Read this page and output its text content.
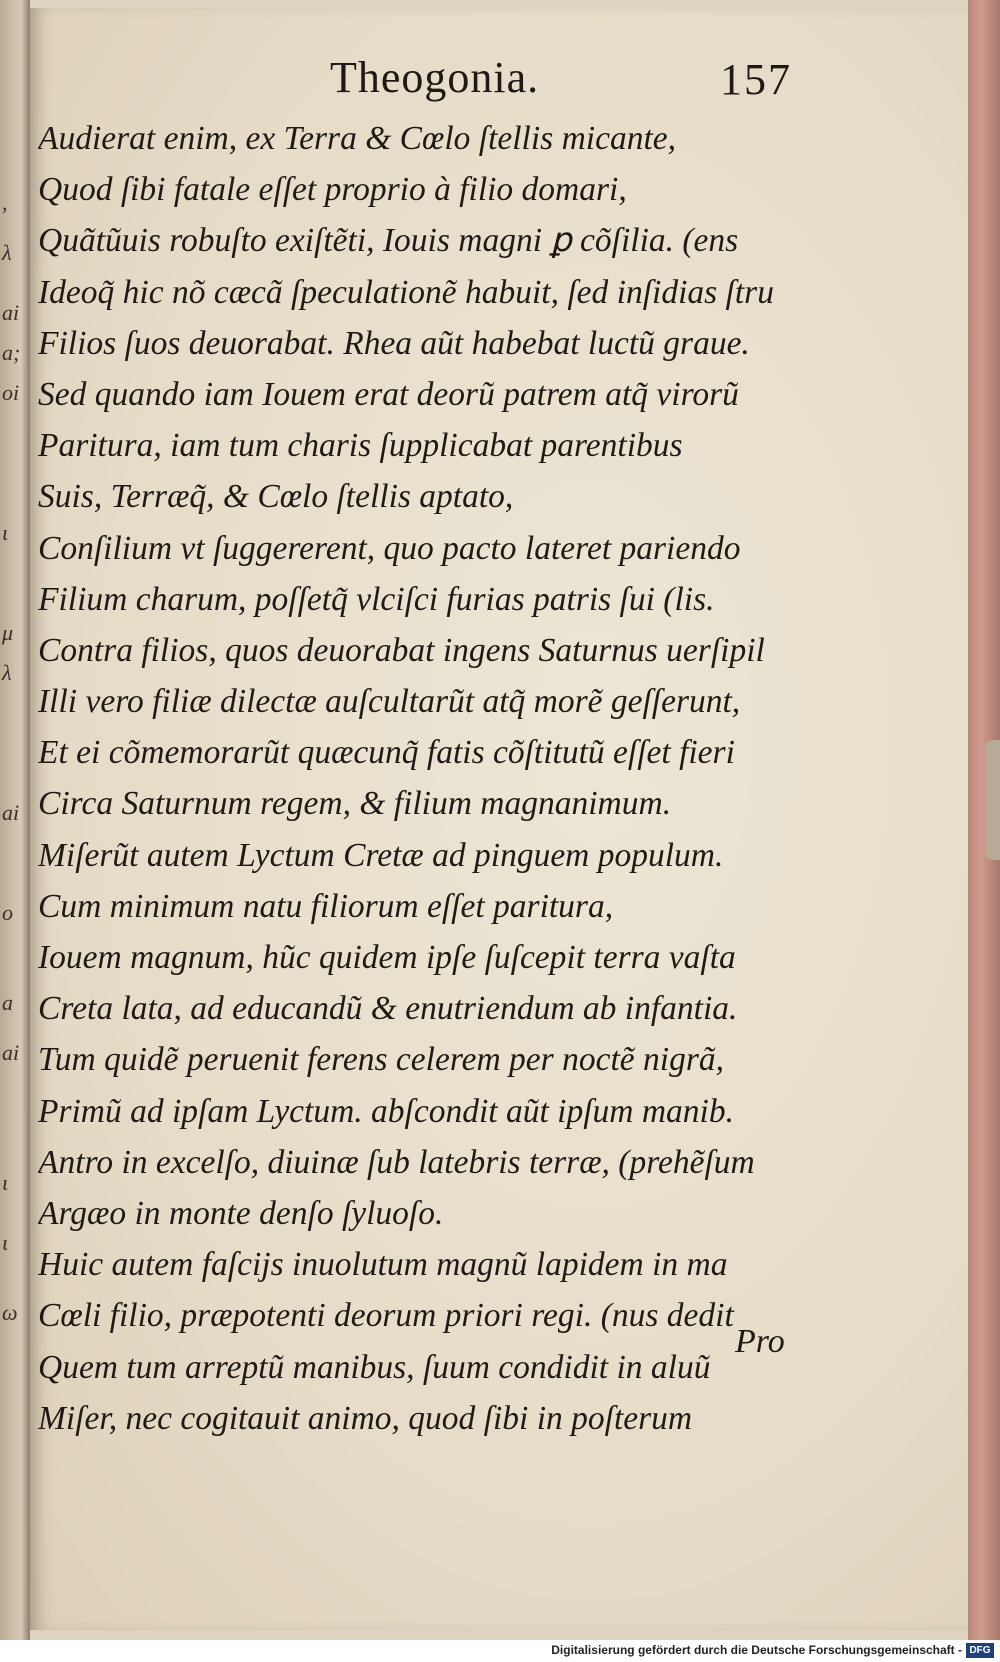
,
λ
ai
a;
oi
ι
μ
λ
ai
o
a
ai
ι
ι
ω
Theogonia.	157
Audierat enim, ex Terra & Cœlo ſtellis micante,
Quod ſibi fatale eſſet proprio à filio domari,
Quãtũuis robuſto exiſtẽti, Iouis magni ꝑ cõſilia. (ens
Ideoq̃ hic nõ cæcã ſpeculationẽ habuit, ſed inſidias ſtru
Filios ſuos deuorabat. Rhea aũt habebat luctũ graue.
Sed quando iam Iouem erat deorũ patrem atq̃ virorũ
Paritura, iam tum charis ſupplicabat parentibus
Suis, Terræq̃, & Cœlo ſtellis aptato,
Conſilium vt ſuggererent, quo pacto lateret pariendo
Filium charum, poſſetq̃ vlciſci furias patris ſui (lis.
Contra filios, quos deuorabat ingens Saturnus uerſipil
Illi vero filiæ dilectæ auſcultarũt atq̃ morẽ geſſerunt,
Et ei cõmemorarũt quæcunq̃ fatis cõſtitutũ eſſet fieri
Circa Saturnum regem, & filium magnanimum.
Miſerũt autem Lyctum Cretæ ad pinguem populum.
Cum minimum natu filiorum eſſet paritura,
Iouem magnum, hũc quidem ipſe ſuſcepit terra vaſta
Creta lata, ad educandũ & enutriendum ab infantia.
Tum quidẽ peruenit ferens celerem per noctẽ nigrã,
Primũ ad ipſam Lyctum. abſcondit aũt ipſum manib.
Antro in excelſo, diuinæ ſub latebris terræ, (prehẽſum
Argæo in monte denſo ſyluoſo.
Huic autem faſcijs inuolutum magnũ lapidem in ma
Cœli filio, præpotenti deorum priori regi. (nus dedit
Quem tum arreptũ manibus, ſuum condidit in aluũ
Miſer, nec cogitauit animo, quod ſibi in poſterum
Pro
Digitalisierung gefördert durch die Deutsche Forschungsgemeinschaft - DFG
